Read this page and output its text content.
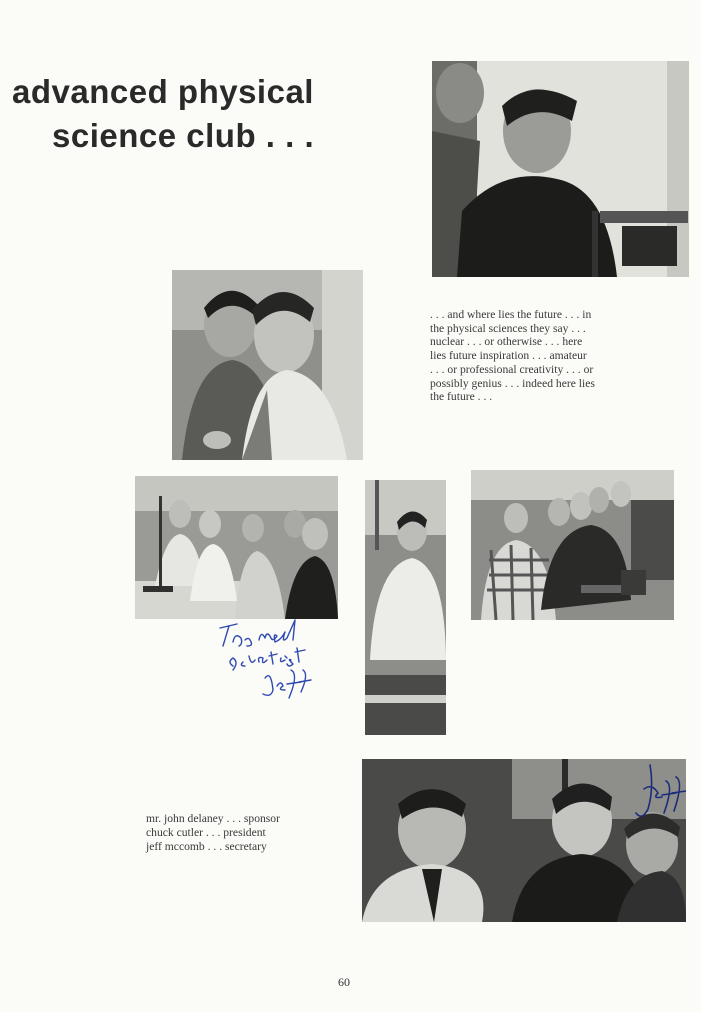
advanced physical
science club . . .
. . . and where lies the future . . . in
the physical sciences they say . . .
nuclear . . . or otherwise . . . here
lies future inspiration . . . amateur
. . . or professional creativity . . . or
possibly genius . . . indeed here lies
the future . . .
mr. john delaney . . . sponsor
chuck cutler . . . president
jeff mccomb . . . secretary
60
